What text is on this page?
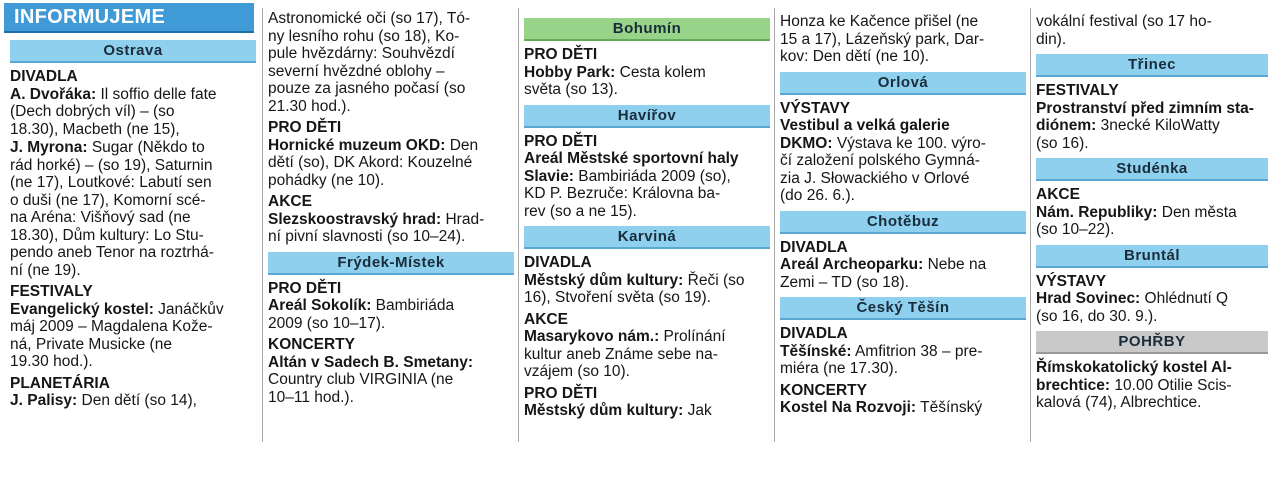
INFORMUJEME
Ostrava
DIVADLA
A. Dvořáka: Il soffio delle fate
(Dech dobrých víl) – (so
18.30), Macbeth (ne 15),
J. Myrona: Sugar (Někdo to
rád horké) – (so 19), Saturnin
(ne 17), Loutkové: Labutí sen
o duši (ne 17), Komorní scé-
na Aréna: Višňový sad (ne
18.30), Dům kultury: Lo Stu-
pendo aneb Tenor na roztrhá-
ní (ne 19).
FESTIVALY
Evangelický kostel: Janáčkův
máj 2009 – Magdalena Kože-
ná, Private Musicke (ne
19.30 hod.).
PLANETÁRIA
J. Palisy: Den dětí (so 14),
Astronomické oči (so 17), Tó-
ny lesního rohu (so 18), Ko-
pule hvězdárny: Souhvězdí
severní hvězdné oblohy –
pouze za jasného počasí (so
21.30 hod.).
PRO DĚTI
Hornické muzeum OKD: Den
dětí (so), DK Akord: Kouzelné
pohádky (ne 10).
AKCE
Slezskoostravský hrad: Hrad-
ní pivní slavnosti (so 10–24).
Frýdek-Místek
PRO DĚTI
Areál Sokolík: Bambiriáda
2009 (so 10–17).
KONCERTY
Altán v Sadech B. Smetany:
Country club VIRGINIA (ne
10–11 hod.).
Bohumín
PRO DĚTI
Hobby Park: Cesta kolem
světa (so 13).
Havířov
PRO DĚTI
Areál Městské sportovní haly
Slavie: Bambiriáda 2009 (so),
KD P. Bezruče: Královna ba-
rev (so a ne 15).
Karviná
DIVADLA
Městský dům kultury: Řeči (so
16), Stvoření světa (so 19).
AKCE
Masarykovo nám.: Prolínání
kultur aneb Známe sebe na-
vzájem (so 10).
PRO DĚTI
Městský dům kultury: Jak
Honza ke Kačence přišel (ne
15 a 17), Lázeňský park, Dar-
kov: Den dětí (ne 10).
Orlová
VÝSTAVY
Vestibul a velká galerie
DKMO: Výstava ke 100. výro-
čí založení polského Gymná-
zia J. Słowackiého v Orlové
(do 26. 6.).
Chotěbuz
DIVADLA
Areál Archeoparku: Nebe na
Zemi – TD (so 18).
Český Těšín
DIVADLA
Těšínské: Amfitrion 38 – pre-
miéra (ne 17.30).
KONCERTY
Kostel Na Rozvoji: Těšínský
vokální festival (so 17 ho-
din).
Třinec
FESTIVALY
Prostranství před zimním sta-
diónem: 3necké KiloWatty
(so 16).
Studénka
AKCE
Nám. Republiky: Den města
(so 10–22).
Bruntál
VÝSTAVY
Hrad Sovinec: Ohlédnutí Q
(so 16, do 30. 9.).
POHŘBY
Římskokatolický kostel Al-
brechtice: 10.00 Otilie Scis-
kalová (74), Albrechtice.
